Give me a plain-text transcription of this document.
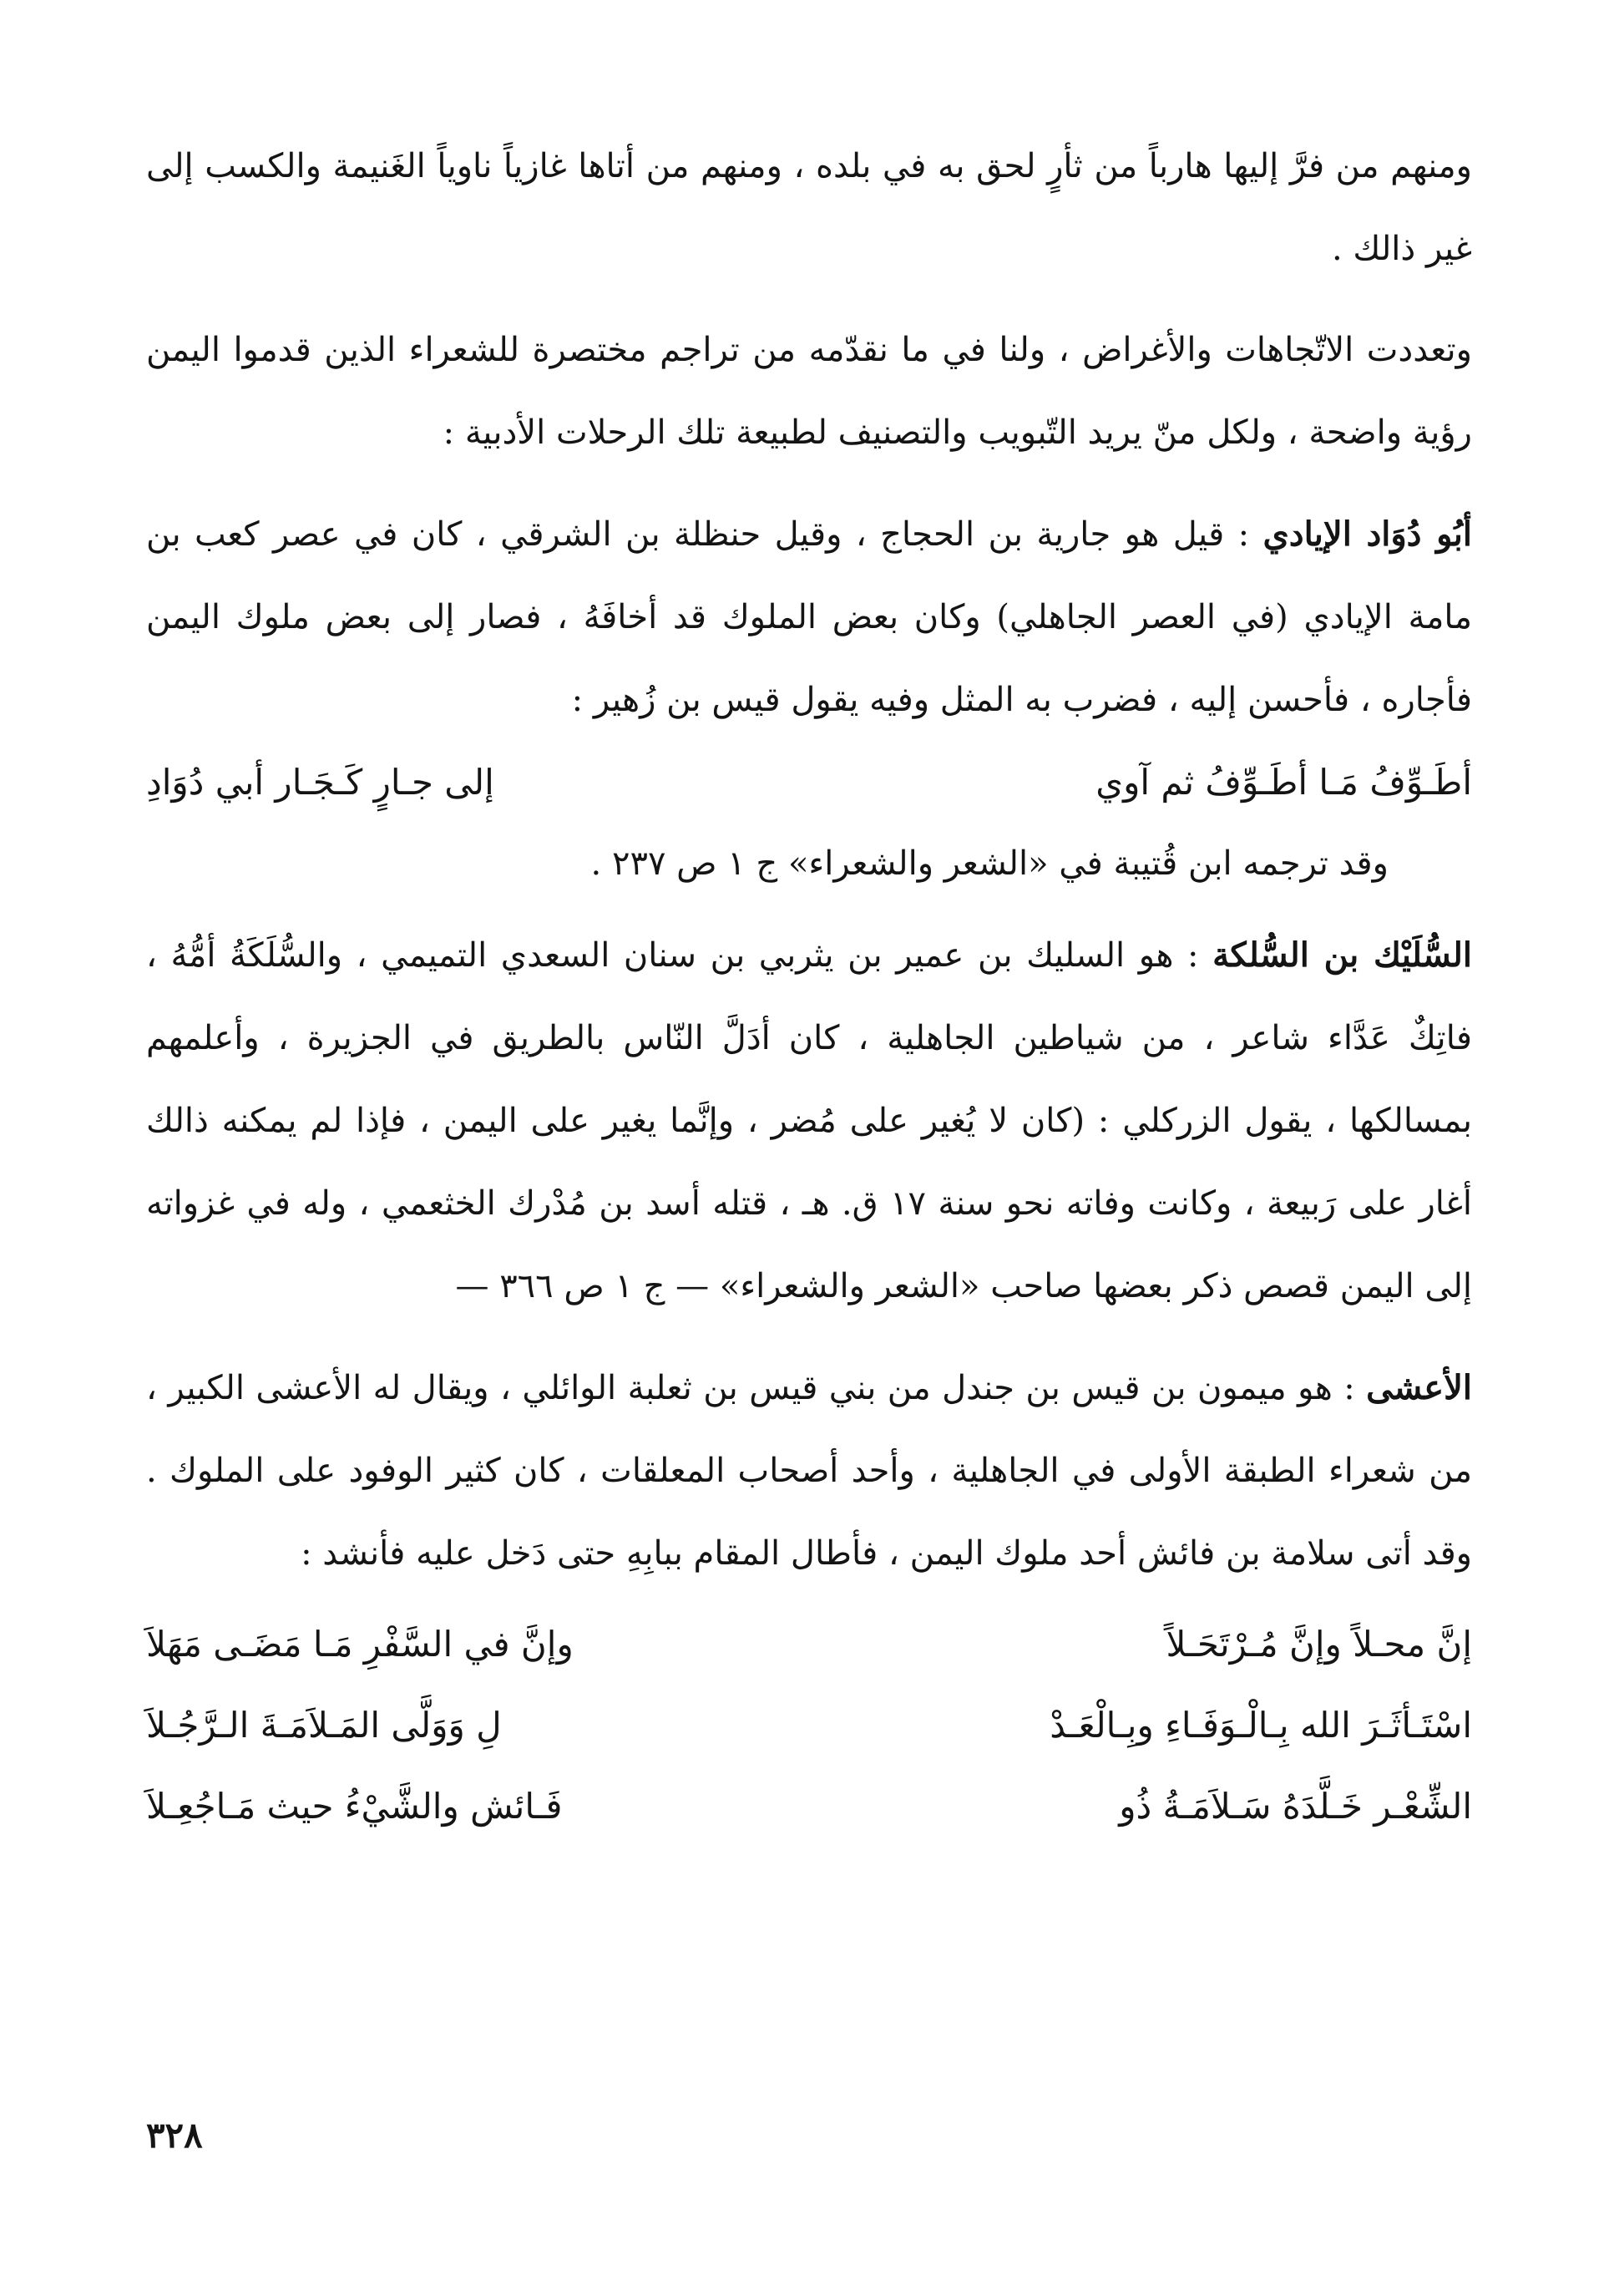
ومنهم من فرَّ إليها هارباً من ثأرٍ لحق به في بلده ، ومنهم من أتاها غازياً ناوياً الغَنيمة والكسب إلى غير ذالك .

وتعددت الاتّجاهات والأغراض ، ولنا في ما نقدّمه من تراجم مختصرة للشعراء الذين قدموا اليمن رؤية واضحة ، ولكل منّ يريد التّبويب والتصنيف لطبيعة تلك الرحلات الأدبية :

أبُو دُوَاد الإيادي : قيل هو جارية بن الحجاج ، وقيل حنظلة بن الشرقي ، كان في عصر كعب بن مامة الإيادي (في العصر الجاهلي) وكان بعض الملوك قد أخافَهُ ، فصار إلى بعض ملوك اليمن فأجاره ، فأحسن إليه ، فضرب به المثل وفيه يقول قيس بن زُهير :

أطَـوِّفُ مَـا أطَـوِّفُ ثم آوي
إلى جـارٍ كَـجَـار أبي دُوَادِ
وقد ترجمه ابن قُتيبة في «الشعر والشعراء» ج ١ ص ٢٣٧ .

السُّلَيْك بن السُّلكة : هو السليك بن عمير بن يثربي بن سنان السعدي التميمي ، والسُّلَكَةُ أمُّهُ ، فاتِكٌ عَدَّاء شاعر ، من شياطين الجاهلية ، كان أدَلَّ النّاس بالطريق في الجزيرة ، وأعلمهم بمسالكها ، يقول الزركلي : (كان لا يُغير على مُضر ، وإنَّما يغير على اليمن ، فإذا لم يمكنه ذالك أغار على رَبيعة ، وكانت وفاته نحو سنة ١٧ ق. هـ ، قتله أسد بن مُدْرك الخثعمي ، وله في غزواته إلى اليمن قصص ذكر بعضها صاحب «الشعر والشعراء» — ج ١ ص ٣٦٦ —

الأعشى : هو ميمون بن قيس بن جندل من بني قيس بن ثعلبة الوائلي ، ويقال له الأعشى الكبير ، من شعراء الطبقة الأولى في الجاهلية ، وأحد أصحاب المعلقات ، كان كثير الوفود على الملوك . وقد أتى سلامة بن فائش أحد ملوك اليمن ، فأطال المقام ببابِهِ حتى دَخل عليه فأنشد :

إنَّ محـلاً وإنَّ مُـرْتَحَـلاً
وإنَّ في السَّفْرِ مَـا مَضَـى مَهَلاَ
اسْتَـأثَـرَ الله بِـالْـوَفَـاءِ وبِـالْعَـدْ
لِ وَوَلَّى المَـلاَمَـةَ الـرَّجُـلاَ
الشِّعْـر خَـلَّدَهُ سَـلاَمَـةُ ذُو
فَـائش والشَّيْءُ حيث مَـاجُعِـلاَ
٣٢٨
